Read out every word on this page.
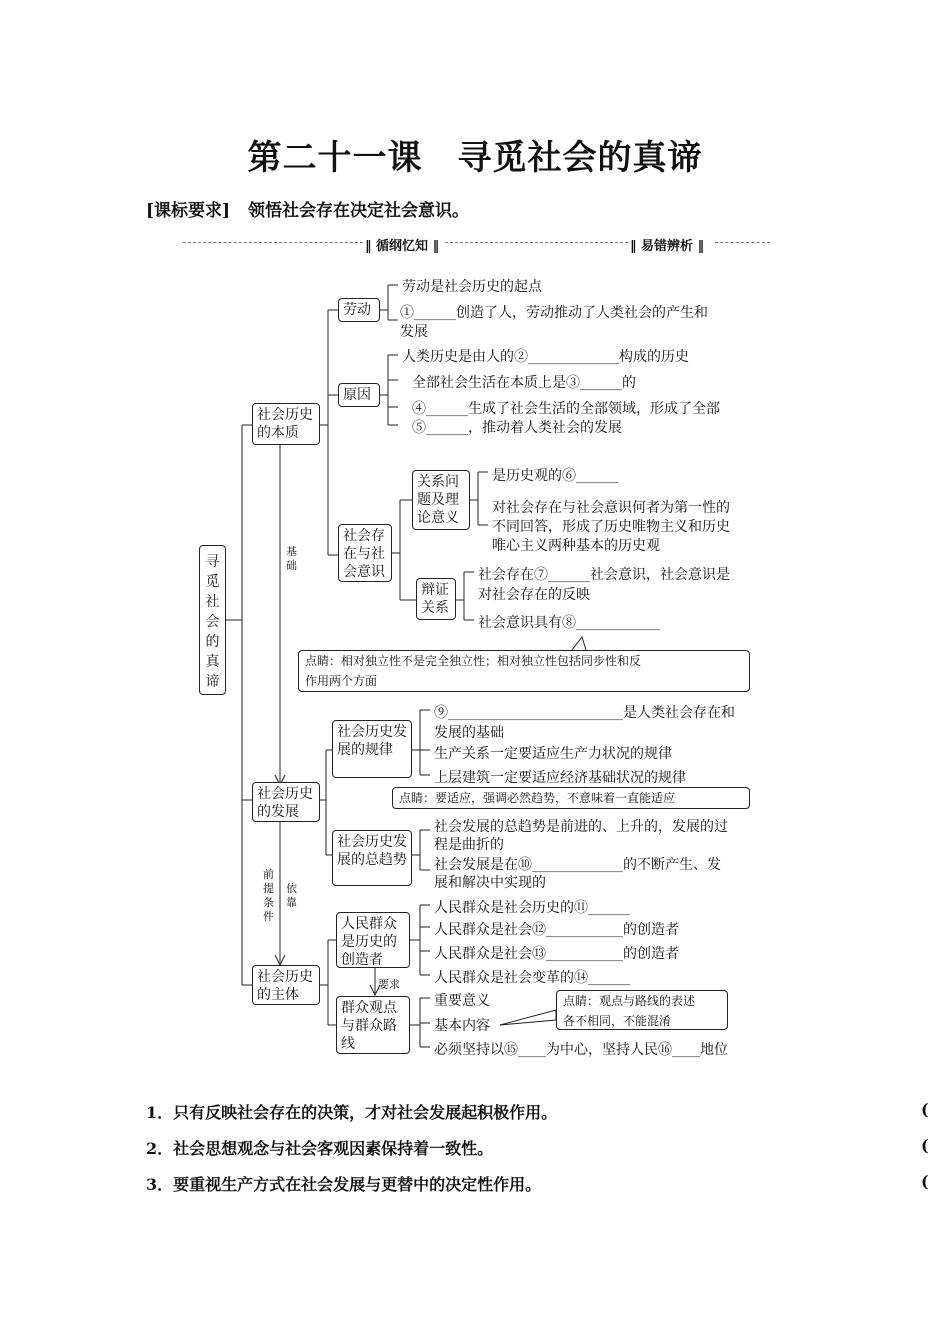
第二十一课　寻觅社会的真谛
[课标要求] 领悟社会存在决定社会意识。
‖ 循纲忆知 ‖	‖ 易错辨析 ‖
寻觅社会的真谛
社会历史的本质
劳动
劳动是社会历史的起点
①______创造了人，劳动推动了人类社会的产生和
发展
原因
人类历史是由人的②_____________构成的历史
全部社会生活在本质上是③______的
④______生成了社会生活的全部领域，形成了全部
⑤______，推动着人类社会的发展
社会存在与社会意识
关系问题及理论意义
是历史观的⑥______
对社会存在与社会意识何者为第一性的
不同回答，形成了历史唯物主义和历史
唯心主义两种基本的历史观
辩证关系
社会存在⑦______社会意识，社会意识是
对社会存在的反映
社会意识具有⑧____________
点睛：相对独立性不是完全独立性；相对独立性包括同步性和反
作用两个方面
基础
社会历史的发展
社会历史发展的规律
⑨_________________________是人类社会存在和
发展的基础
生产关系一定要适应生产力状况的规律
上层建筑一定要适应经济基础状况的规律
点睛：要适应，强调必然趋势，不意味着一直能适应
社会历史发展的总趋势
社会发展的总趋势是前进的、上升的，发展的过
程是曲折的
社会发展是在⑩_____________的不断产生、发
展和解决中实现的
前提条件
依靠
社会历史的主体
人民群众是历史的创造者
人民群众是社会历史的⑪______
人民群众是社会⑫___________的创造者
人民群众是社会⑬___________的创造者
人民群众是社会变革的⑭______
要求
群众观点与群众路线
重要意义
基本内容
必须坚持以⑮____为中心，坚持人民⑯____地位
点睛：观点与路线的表述
各不相同，不能混淆
1．只有反映社会存在的决策，才对社会发展起积极作用。	(
2．社会思想观念与社会客观因素保持着一致性。	(
3．要重视生产方式在社会发展与更替中的决定性作用。	(
